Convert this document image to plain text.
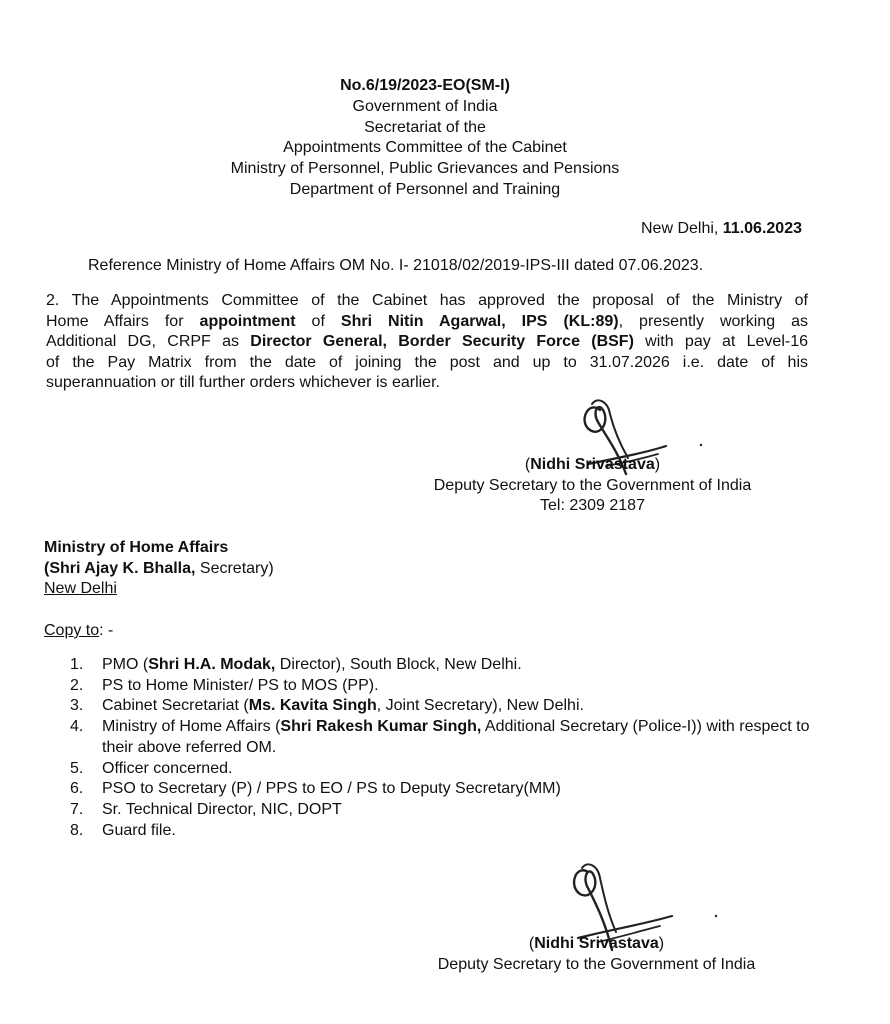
No.6/19/2023-EO(SM-I)
Government of India
Secretariat of the
Appointments Committee of the Cabinet
Ministry of Personnel, Public Grievances and Pensions
Department of Personnel and Training
New Delhi, 11.06.2023
Reference Ministry of Home Affairs OM No. I- 21018/02/2019-IPS-III dated 07.06.2023.
2. The Appointments Committee of the Cabinet has approved the proposal of the Ministry of
Home Affairs for appointment of Shri Nitin Agarwal, IPS (KL:89), presently working as
Additional DG, CRPF as Director General, Border Security Force (BSF) with pay at Level-16
of the Pay Matrix from the date of joining the post and up to 31.07.2026 i.e. date of his
superannuation or till further orders whichever is earlier.
(Nidhi Srivastava)
Deputy Secretary to the Government of India
Tel: 2309 2187
Ministry of Home Affairs
(Shri Ajay K. Bhalla, Secretary)
New Delhi
Copy to: -
1. PMO (Shri H.A. Modak, Director), South Block, New Delhi.
2. PS to Home Minister/ PS to MOS (PP).
3. Cabinet Secretariat (Ms. Kavita Singh, Joint Secretary), New Delhi.
4. Ministry of Home Affairs (Shri Rakesh Kumar Singh, Additional Secretary (Police-I)) with respect to their above referred OM.
5. Officer concerned.
6. PSO to Secretary (P) / PPS to EO / PS to Deputy Secretary(MM)
7. Sr. Technical Director, NIC, DOPT
8. Guard file.
(Nidhi Srivastava)
Deputy Secretary to the Government of India
